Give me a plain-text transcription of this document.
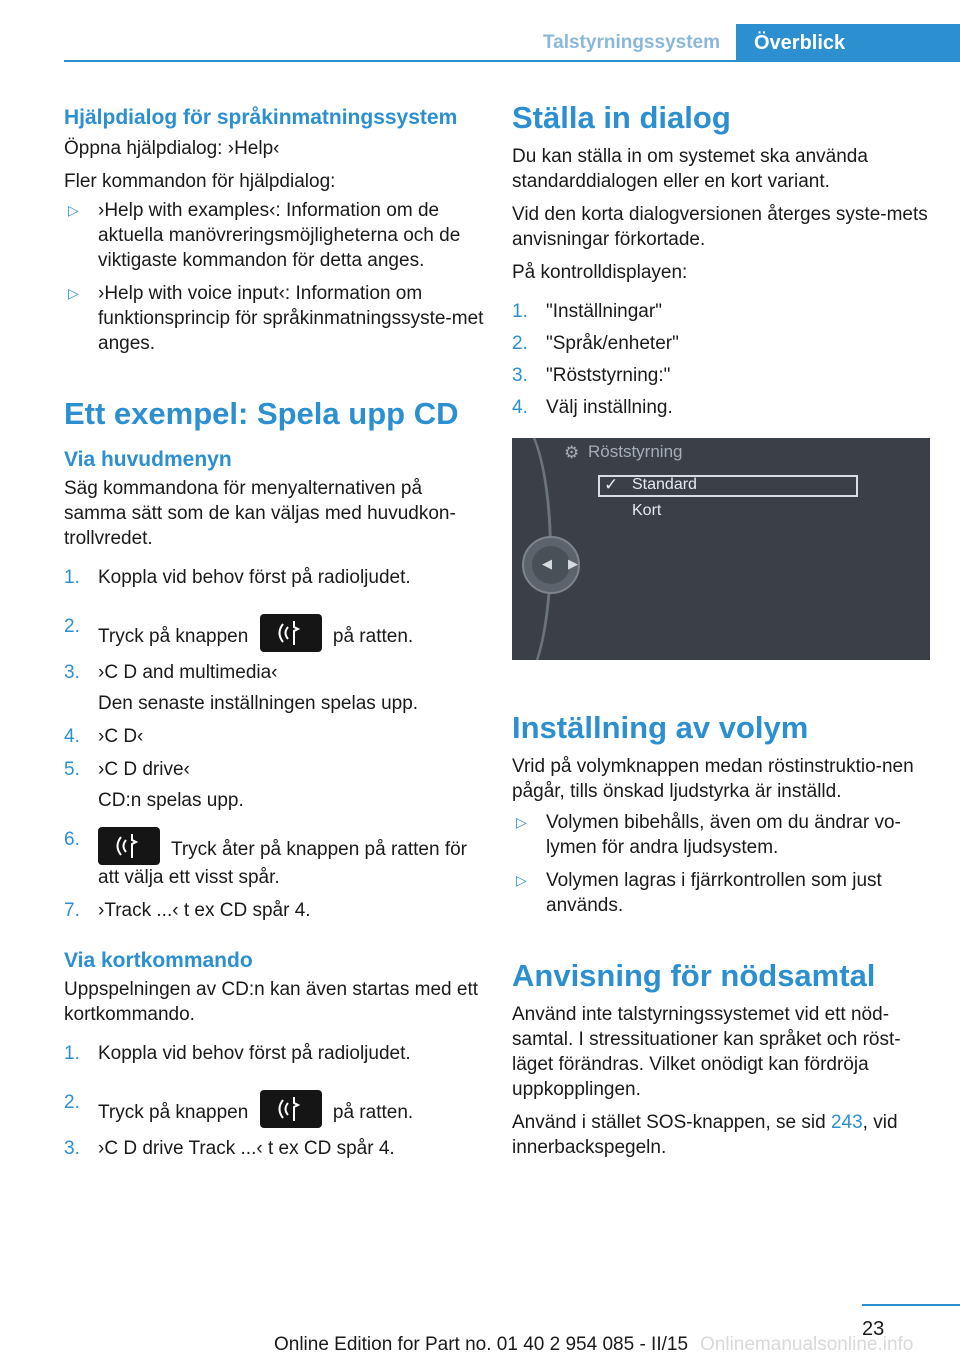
Talstyrningssystem	Överblick
Hjälpdialog för språkinmatningssystem

Öppna hjälpdialog: ›Help‹

Fler kommandon för hjälpdialog:

▷ ›Help with examples‹: Information om de aktuella manövreringsmöjligheterna och de viktigaste kommandon för detta anges.
▷ ›Help with voice input‹: Information om funktionsprincip för språkinmatningssyste‐met anges.
Ett exempel: Spela upp CD
Via huvudmenyn

Säg kommandona för menyalternativen på samma sätt som de kan väljas med huvudkon‐trollvredet.

1. Koppla vid behov först på radioljudet.
2. Tryck på knappen	på ratten.
3. ›C D and multimedia‹
Den senaste inställningen spelas upp.
4. ›C D‹
5. ›C D drive‹
CD:n spelas upp.
6.	Tryck åter på knappen på ratten för att välja ett visst spår.
7. ›Track ...‹ t ex CD spår 4.
Via kortkommando

Uppspelningen av CD:n kan även startas med ett kortkommando.

1. Koppla vid behov först på radioljudet.
2. Tryck på knappen	på ratten.
3. ›C D drive Track ...‹ t ex CD spår 4.
Ställa in dialog

Du kan ställa in om systemet ska använda standarddialogen eller en kort variant.

Vid den korta dialogversionen återges syste‐mets anvisningar förkortade.

På kontrolldisplayen:

1. "Inställningar"
2. "Språk/enheter"
3. "Röststyrning:"
4. Välj inställning.
◀ ▶
⚙ Röststyrning
✓ Standard
Kort
Inställning av volym

Vrid på volymknappen medan röstinstruktio‐nen pågår, tills önskad ljudstyrka är inställd.

▷ Volymen bibehålls, även om du ändrar vo‐lymen för andra ljudsystem.
▷ Volymen lagras i fjärrkontrollen som just används.
Anvisning för nödsamtal

Använd inte talstyrningssystemet vid ett nöd‐samtal. I stressituationer kan språket och röst‐läget förändras. Vilket onödigt kan fördröja uppkopplingen.

Använd i stället SOS-knappen, se sid 243, vid innerbackspegeln.

23
Online Edition for Part no. 01 40 2 954 085 - II/15 Onlinemanualsonline.info
